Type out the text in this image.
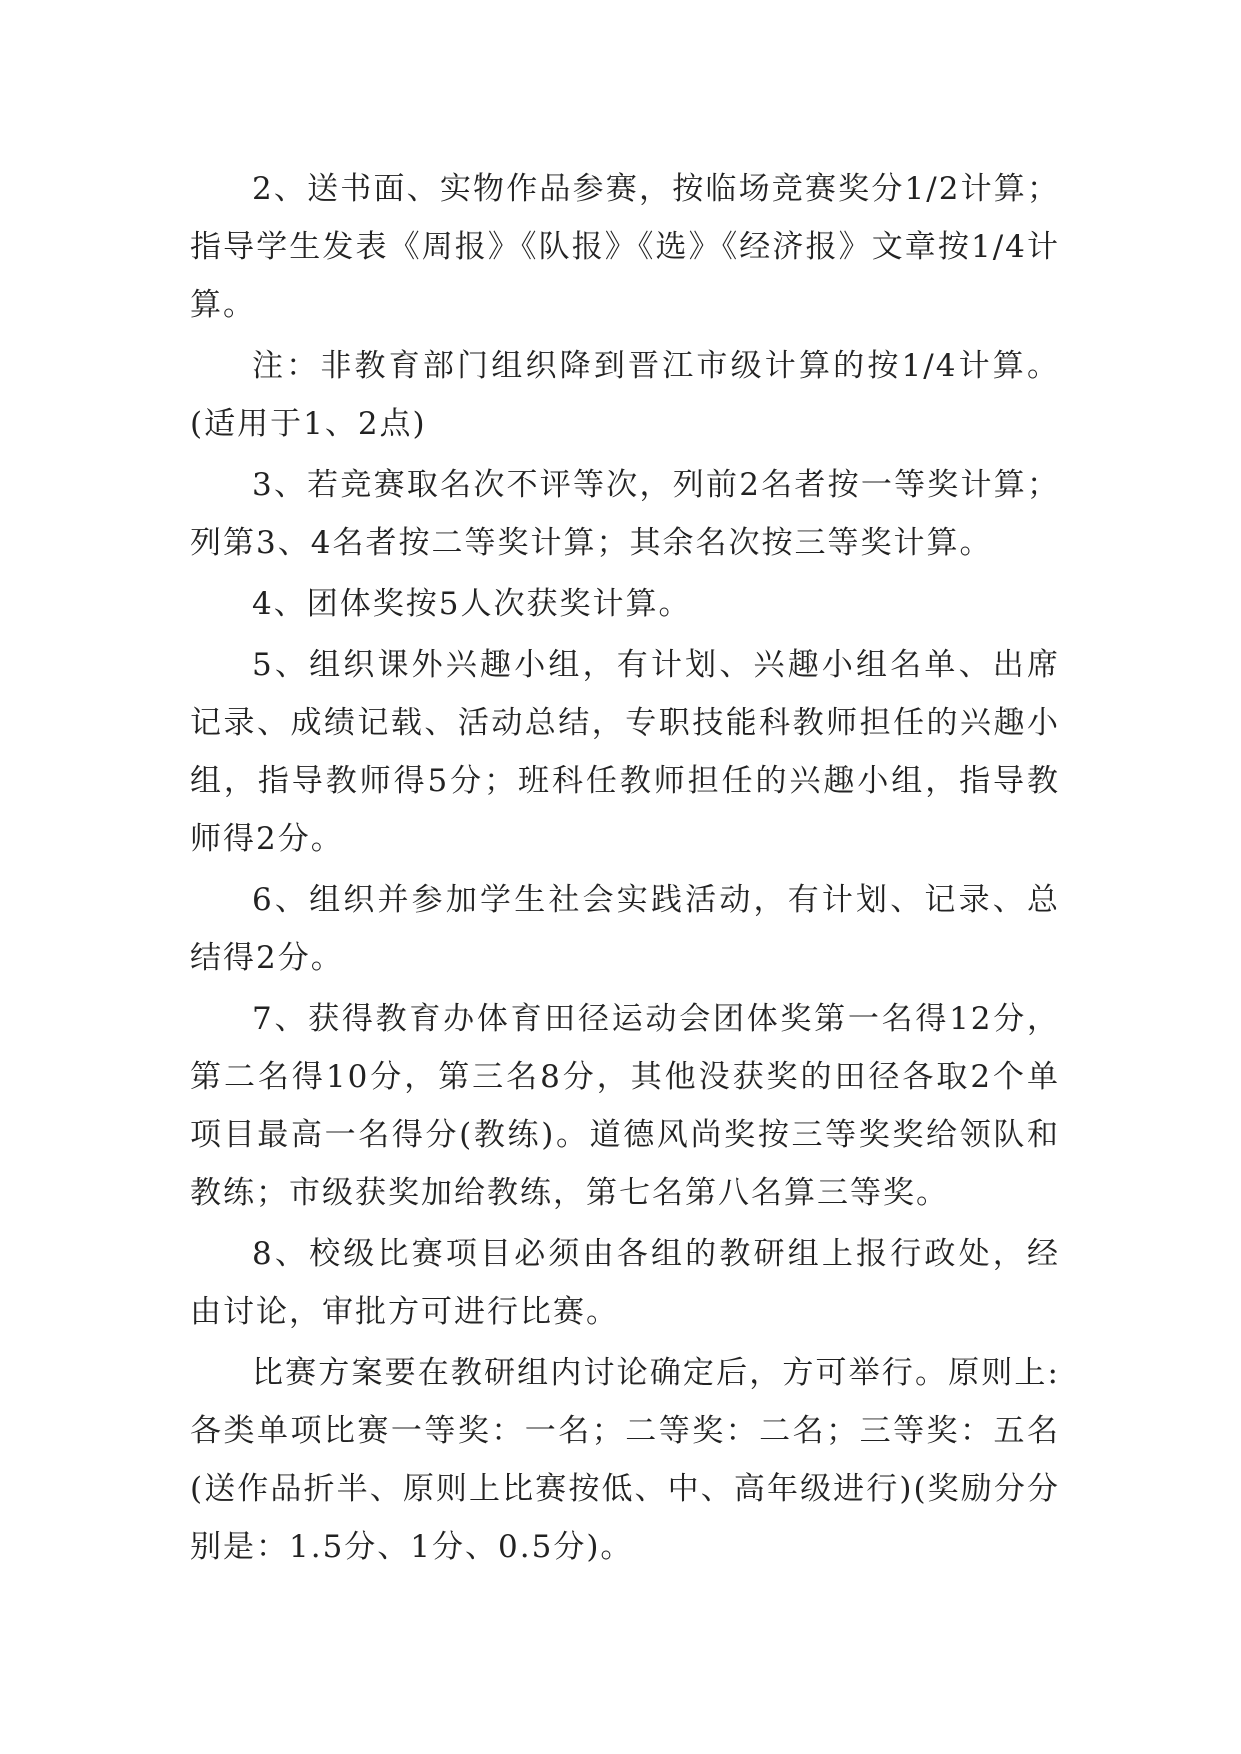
2、送书面、实物作品参赛，按临场竞赛奖分1/2计算；指导学生发表《周报》《队报》《选》《经济报》文章按1/4计算。

注：非教育部门组织降到晋江市级计算的按1/4计算。(适用于1、2点)

3、若竞赛取名次不评等次，列前2名者按一等奖计算；列第3、4名者按二等奖计算；其余名次按三等奖计算。

4、团体奖按5人次获奖计算。

5、组织课外兴趣小组，有计划、兴趣小组名单、出席记录、成绩记载、活动总结，专职技能科教师担任的兴趣小组，指导教师得5分；班科任教师担任的兴趣小组，指导教师得2分。

6、组织并参加学生社会实践活动，有计划、记录、总结得2分。

7、获得教育办体育田径运动会团体奖第一名得12分，第二名得10分，第三名8分，其他没获奖的田径各取2个单项目最高一名得分(教练)。道德风尚奖按三等奖奖给领队和教练；市级获奖加给教练，第七名第八名算三等奖。

8、校级比赛项目必须由各组的教研组上报行政处，经由讨论，审批方可进行比赛。

比赛方案要在教研组内讨论确定后，方可举行。原则上:各类单项比赛一等奖：一名；二等奖：二名；三等奖：五名(送作品折半、原则上比赛按低、中、高年级进行)(奖励分分别是：1.5分、1分、0.5分)。
